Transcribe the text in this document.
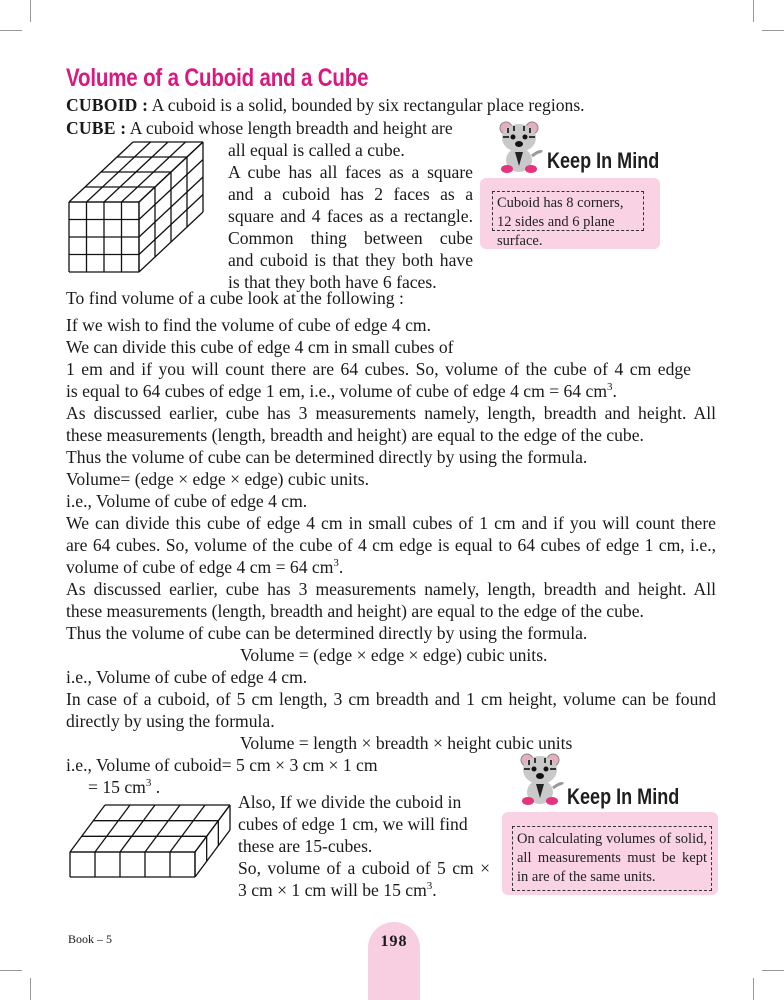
Volume of a Cuboid and a Cube
CUBOID : A cuboid is a solid, bounded by six rectangular place regions.
CUBE : A cuboid whose length breadth and height are
all equal is called a cube.
A cube has all faces as a square
and a cuboid has 2 faces as a
square and 4 faces as a rectangle.
Common thing between cube
and cuboid is that they both have
is that they both have 6 faces.
To find volume of a cube look at the following :
Keep In Mind
Cuboid has 8 corners, 12 sides and 6 plane surface.
If we wish to find the volume of cube of edge 4 cm.
We can divide this cube of edge 4 cm in small cubes of
1 em and if you will count there are 64 cubes. So, volume of the cube of 4 cm edge
is equal to 64 cubes of edge 1 em, i.e., volume of cube of edge 4 cm = 64 $cm^3$.
As discussed earlier, cube has 3 measurements namely, length, breadth and height. All
these measurements (length, breadth and height) are equal to the edge of the cube.
Thus the volume of cube can be determined directly by using the formula.
Volume= (edge × edge × edge) cubic units.
i.e., Volume of cube of edge 4 cm.
We can divide this cube of edge 4 cm in small cubes of 1 cm and if you will count there
are 64 cubes. So, volume of the cube of 4 cm edge is equal to 64 cubes of edge 1 cm, i.e.,
volume of cube of edge 4 cm = 64 $cm^3$.
As discussed earlier, cube has 3 measurements namely, length, breadth and height. All
these measurements (length, breadth and height) are equal to the edge of the cube.
Thus the volume of cube can be determined directly by using the formula.
Volume = (edge × edge × edge) cubic units.
i.e., Volume of cube of edge 4 cm.
In case of a cuboid, of 5 cm length, 3 cm breadth and 1 cm height, volume can be found
directly by using the formula.
Volume = length × breadth × height cubic units
i.e., Volume of cuboid= 5 cm × 3 cm × 1 cm
= 15 $cm^3$ .
Also, If we divide the cuboid in
cubes of edge 1 cm, we will find
these are 15-cubes.
So, volume of a cuboid of 5 cm ×
3 cm × 1 cm will be 15 $cm^3$.
Keep In Mind
On calculating volumes of solid, all measurements must be kept in are of the same units.
Book – 5	198
